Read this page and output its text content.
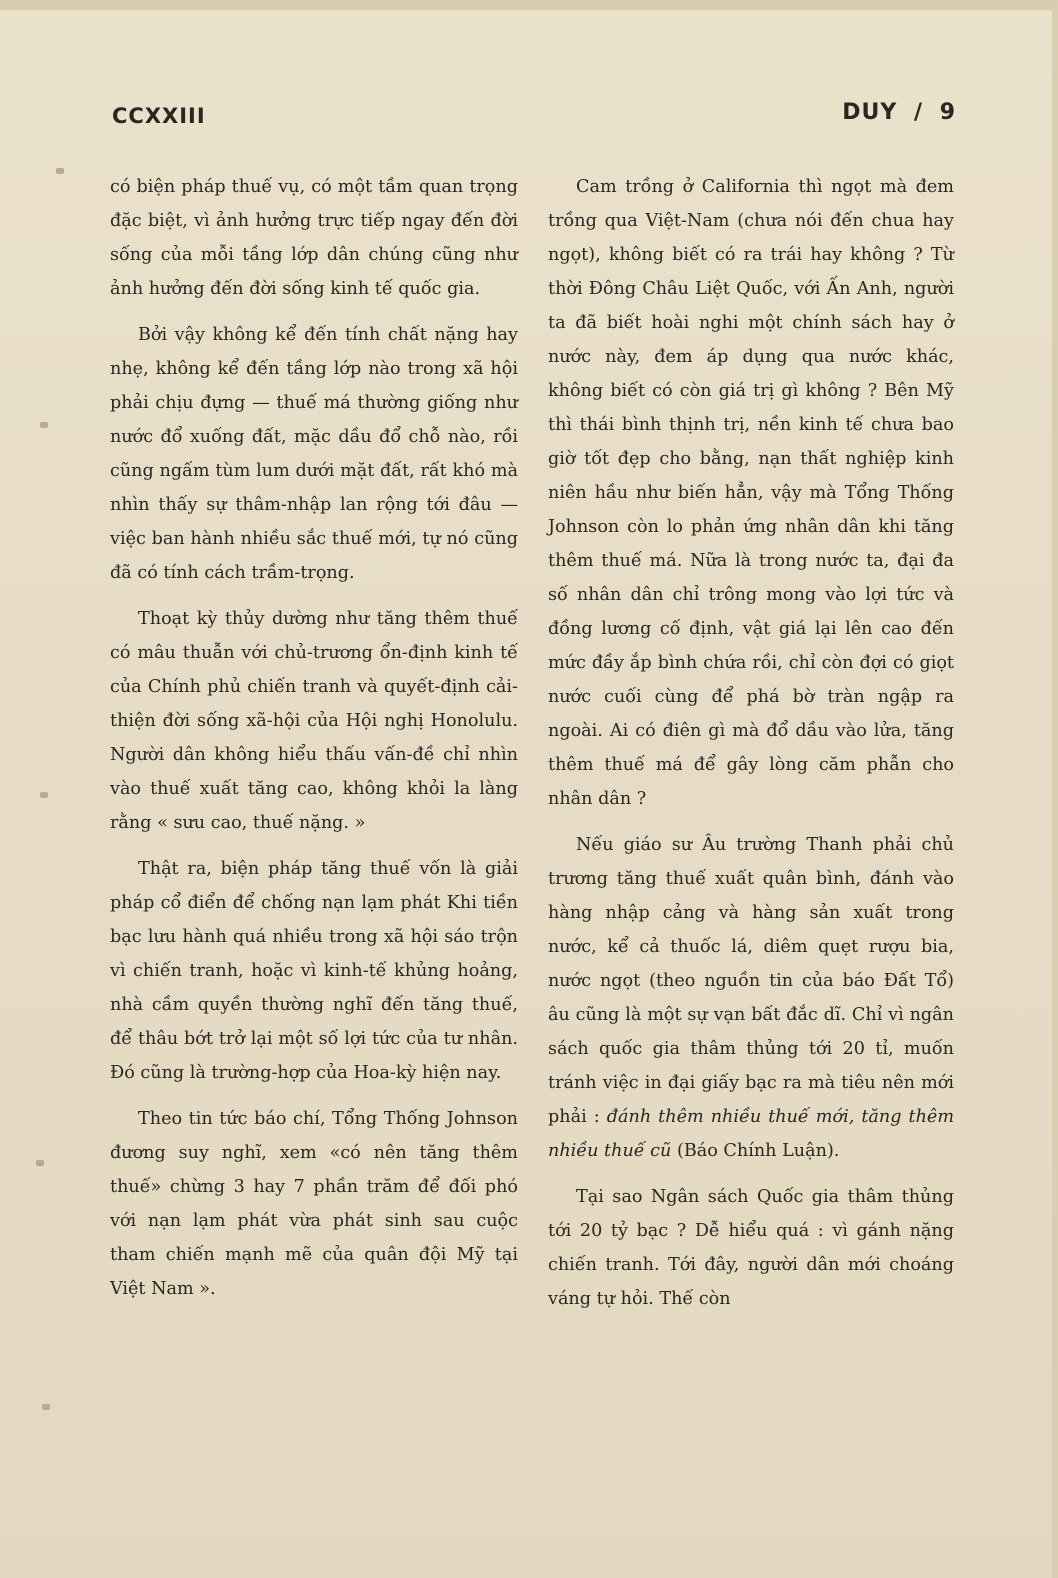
CCXXIII	DUY / 9

có biện pháp thuế vụ, có một tầm quan trọng đặc biệt, vì ảnh hưởng trực tiếp ngay đến đời sống của mỗi tầng lớp dân chúng cũng như ảnh hưởng đến đời sống kinh tế quốc gia.

Bởi vậy không kể đến tính chất nặng hay nhẹ, không kể đến tầng lớp nào trong xã hội phải chịu đựng — thuế má thường giống như nước đổ xuống đất, mặc dầu đổ chỗ nào, rồi cũng ngấm tùm lum dưới mặt đất, rất khó mà nhìn thấy sự thâm-nhập lan rộng tới đâu — việc ban hành nhiều sắc thuế mới, tự nó cũng đã có tính cách trầm-trọng.

Thoạt kỳ thủy dường như tăng thêm thuế có mâu thuẫn với chủ-trương ổn-định kinh tế của Chính phủ chiến tranh và quyết-định cải-thiện đời sống xã-hội của Hội nghị Honolulu. Người dân không hiểu thấu vấn-đề chỉ nhìn vào thuế xuất tăng cao, không khỏi la làng rằng « sưu cao, thuế nặng. »

Thật ra, biện pháp tăng thuế vốn là giải pháp cổ điển để chống nạn lạm phát Khi tiền bạc lưu hành quá nhiều trong xã hội sáo trộn vì chiến tranh, hoặc vì kinh-tế khủng hoảng, nhà cầm quyền thường nghĩ đến tăng thuế, để thâu bớt trở lại một số lợi tức của tư nhân. Đó cũng là trường-hợp của Hoa-kỳ hiện nay.

Theo tin tức báo chí, Tổng Thống Johnson đương suy nghĩ, xem «có nên tăng thêm thuế» chừng 3 hay 7 phần trăm để đối phó với nạn lạm phát vừa phát sinh sau cuộc tham chiến mạnh mẽ của quân đội Mỹ tại Việt Nam ».

Cam trồng ở California thì ngọt mà đem trồng qua Việt-Nam (chưa nói đến chua hay ngọt), không biết có ra trái hay không ? Từ thời Đông Châu Liệt Quốc, với Ấn Anh, người ta đã biết hoài nghi một chính sách hay ở nước này, đem áp dụng qua nước khác, không biết có còn giá trị gì không ? Bên Mỹ thì thái bình thịnh trị, nền kinh tế chưa bao giờ tốt đẹp cho bằng, nạn thất nghiệp kinh niên hầu như biến hẳn, vậy mà Tổng Thống Johnson còn lo phản ứng nhân dân khi tăng thêm thuế má. Nữa là trong nước ta, đại đa số nhân dân chỉ trông mong vào lợi tức và đồng lương cố định, vật giá lại lên cao đến mức đầy ắp bình chứa rồi, chỉ còn đợi có giọt nước cuối cùng để phá bờ tràn ngập ra ngoài. Ai có điên gì mà đổ dầu vào lửa, tăng thêm thuế má để gây lòng căm phẫn cho nhân dân ?

Nếu giáo sư Âu trường Thanh phải chủ trương tăng thuế xuất quân bình, đánh vào hàng nhập cảng và hàng sản xuất trong nước, kể cả thuốc lá, diêm quẹt rượu bia, nước ngọt (theo nguồn tin của báo Đất Tổ) âu cũng là một sự vạn bất đắc dĩ. Chỉ vì ngân sách quốc gia thâm thủng tới 20 tỉ, muốn tránh việc in đại giấy bạc ra mà tiêu nên mới phải : đánh thêm nhiều thuế mới, tăng thêm nhiều thuế cũ (Báo Chính Luận).

Tại sao Ngân sách Quốc gia thâm thủng tới 20 tỷ bạc ? Dễ hiểu quá : vì gánh nặng chiến tranh. Tới đây, người dân mới choáng váng tự hỏi. Thế còn
